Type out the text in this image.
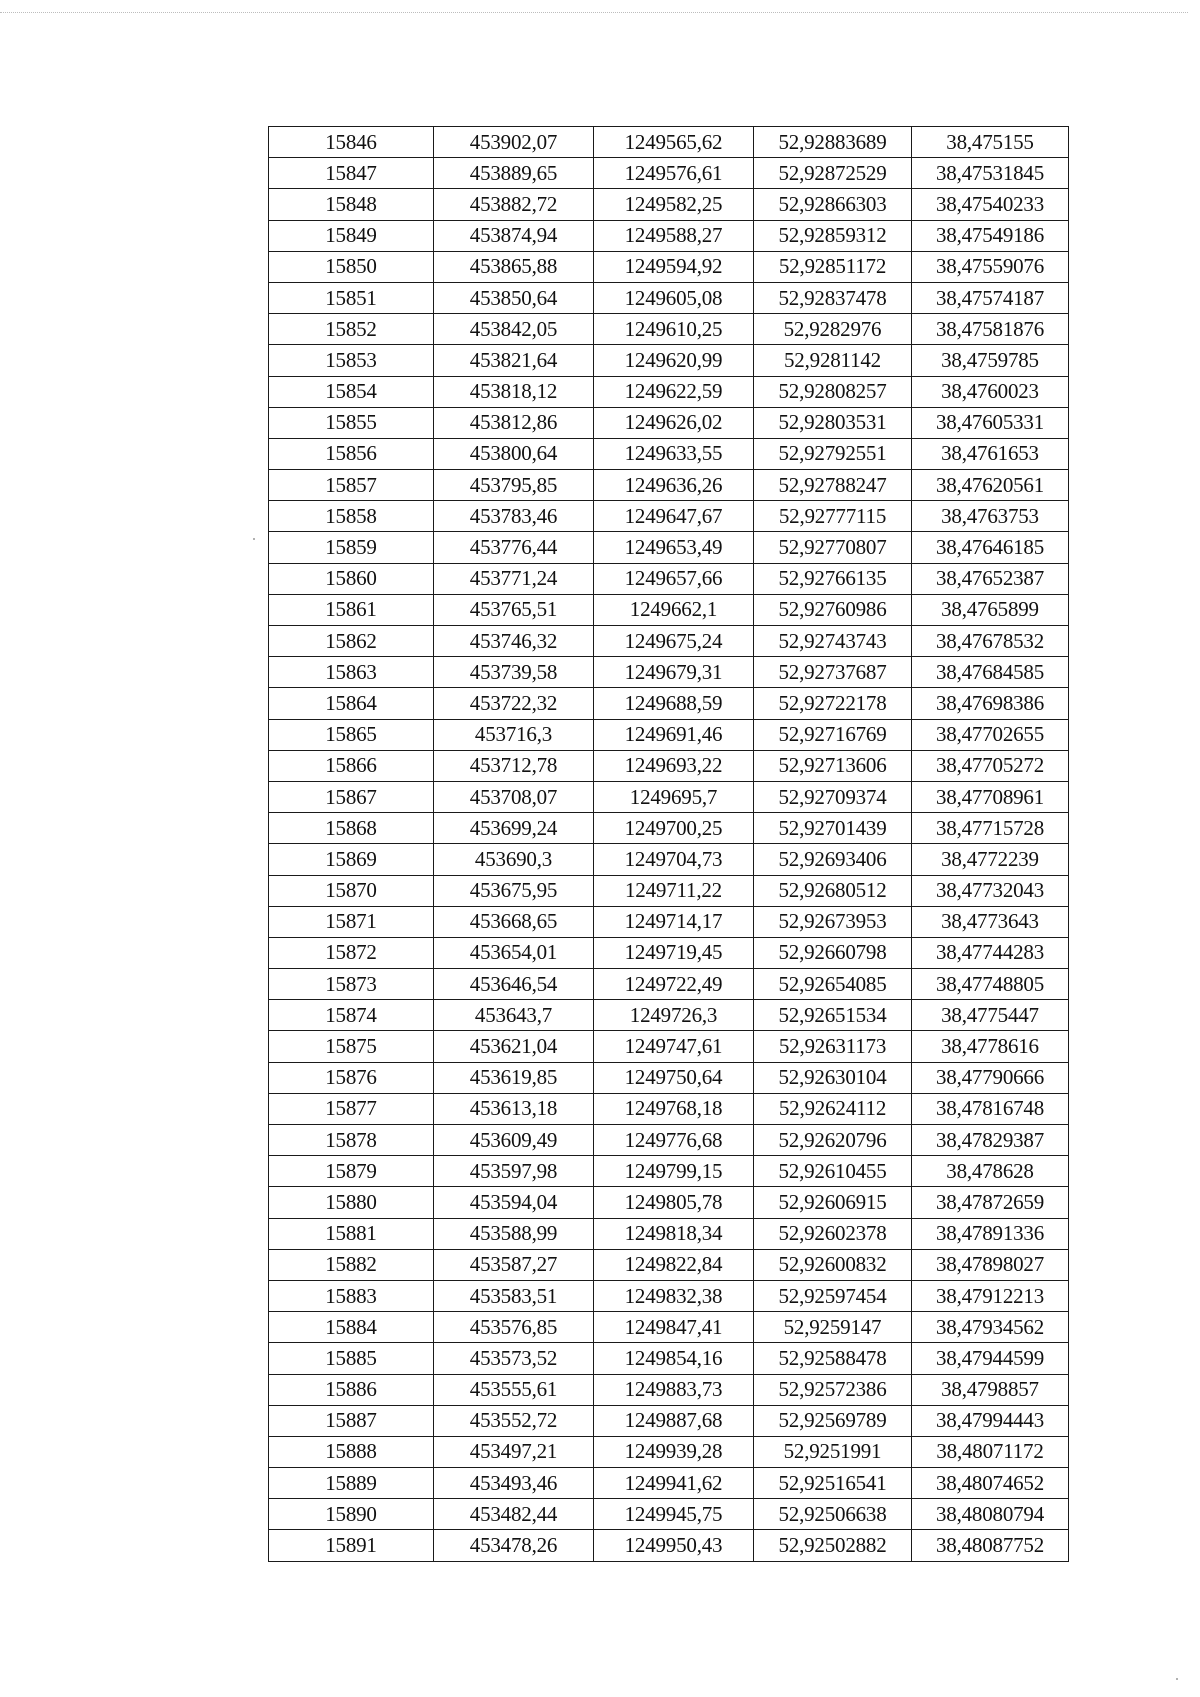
15846	453902,07	1249565,62	52,92883689	38,475155
15847	453889,65	1249576,61	52,92872529	38,47531845
15848	453882,72	1249582,25	52,92866303	38,47540233
15849	453874,94	1249588,27	52,92859312	38,47549186
15850	453865,88	1249594,92	52,92851172	38,47559076
15851	453850,64	1249605,08	52,92837478	38,47574187
15852	453842,05	1249610,25	52,9282976	38,47581876
15853	453821,64	1249620,99	52,9281142	38,4759785
15854	453818,12	1249622,59	52,92808257	38,4760023
15855	453812,86	1249626,02	52,92803531	38,47605331
15856	453800,64	1249633,55	52,92792551	38,4761653
15857	453795,85	1249636,26	52,92788247	38,47620561
15858	453783,46	1249647,67	52,92777115	38,4763753
15859	453776,44	1249653,49	52,92770807	38,47646185
15860	453771,24	1249657,66	52,92766135	38,47652387
15861	453765,51	1249662,1	52,92760986	38,4765899
15862	453746,32	1249675,24	52,92743743	38,47678532
15863	453739,58	1249679,31	52,92737687	38,47684585
15864	453722,32	1249688,59	52,92722178	38,47698386
15865	453716,3	1249691,46	52,92716769	38,47702655
15866	453712,78	1249693,22	52,92713606	38,47705272
15867	453708,07	1249695,7	52,92709374	38,47708961
15868	453699,24	1249700,25	52,92701439	38,47715728
15869	453690,3	1249704,73	52,92693406	38,4772239
15870	453675,95	1249711,22	52,92680512	38,47732043
15871	453668,65	1249714,17	52,92673953	38,4773643
15872	453654,01	1249719,45	52,92660798	38,47744283
15873	453646,54	1249722,49	52,92654085	38,47748805
15874	453643,7	1249726,3	52,92651534	38,4775447
15875	453621,04	1249747,61	52,92631173	38,4778616
15876	453619,85	1249750,64	52,92630104	38,47790666
15877	453613,18	1249768,18	52,92624112	38,47816748
15878	453609,49	1249776,68	52,92620796	38,47829387
15879	453597,98	1249799,15	52,92610455	38,478628
15880	453594,04	1249805,78	52,92606915	38,47872659
15881	453588,99	1249818,34	52,92602378	38,47891336
15882	453587,27	1249822,84	52,92600832	38,47898027
15883	453583,51	1249832,38	52,92597454	38,47912213
15884	453576,85	1249847,41	52,9259147	38,47934562
15885	453573,52	1249854,16	52,92588478	38,47944599
15886	453555,61	1249883,73	52,92572386	38,4798857
15887	453552,72	1249887,68	52,92569789	38,47994443
15888	453497,21	1249939,28	52,9251991	38,48071172
15889	453493,46	1249941,62	52,92516541	38,48074652
15890	453482,44	1249945,75	52,92506638	38,48080794
15891	453478,26	1249950,43	52,92502882	38,48087752
